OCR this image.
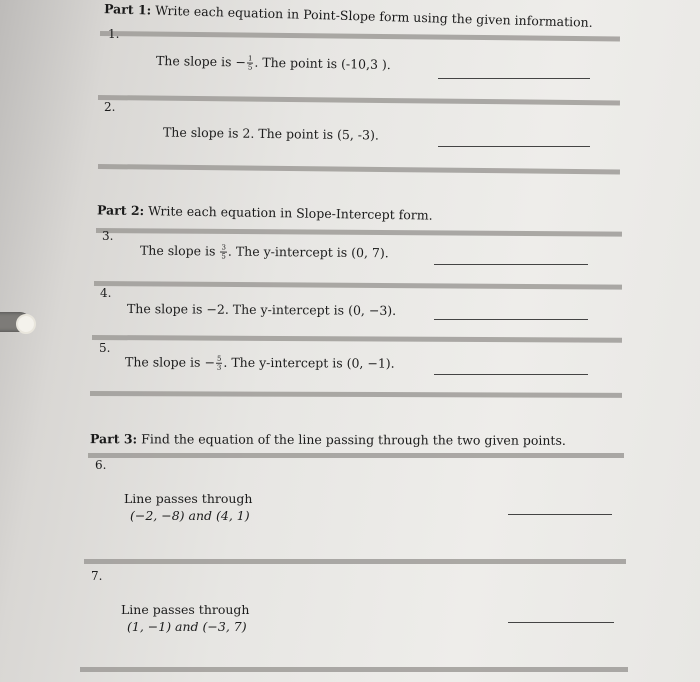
Part 1: Write each equation in Point-Slope form using the given information.
1.
The slope is − $\frac{1}{5}$ . The point is (-10,3 ).
2.
The slope is 2. The point is (5, -3).
Part 2: Write each equation in Slope-Intercept form.
3.
The slope is $\frac{3}{5}$ . The y-intercept is (0, 7).
4.
The slope is −2. The y-intercept is (0, −3).
5.
The slope is − $\frac{5}{3}$ . The y-intercept is (0, −1).
Part 3: Find the equation of the line passing through the two given points.
6.
Line passes through
(−2, −8) and (4, 1)
7.
Line passes through
(1, −1) and (−3, 7)
